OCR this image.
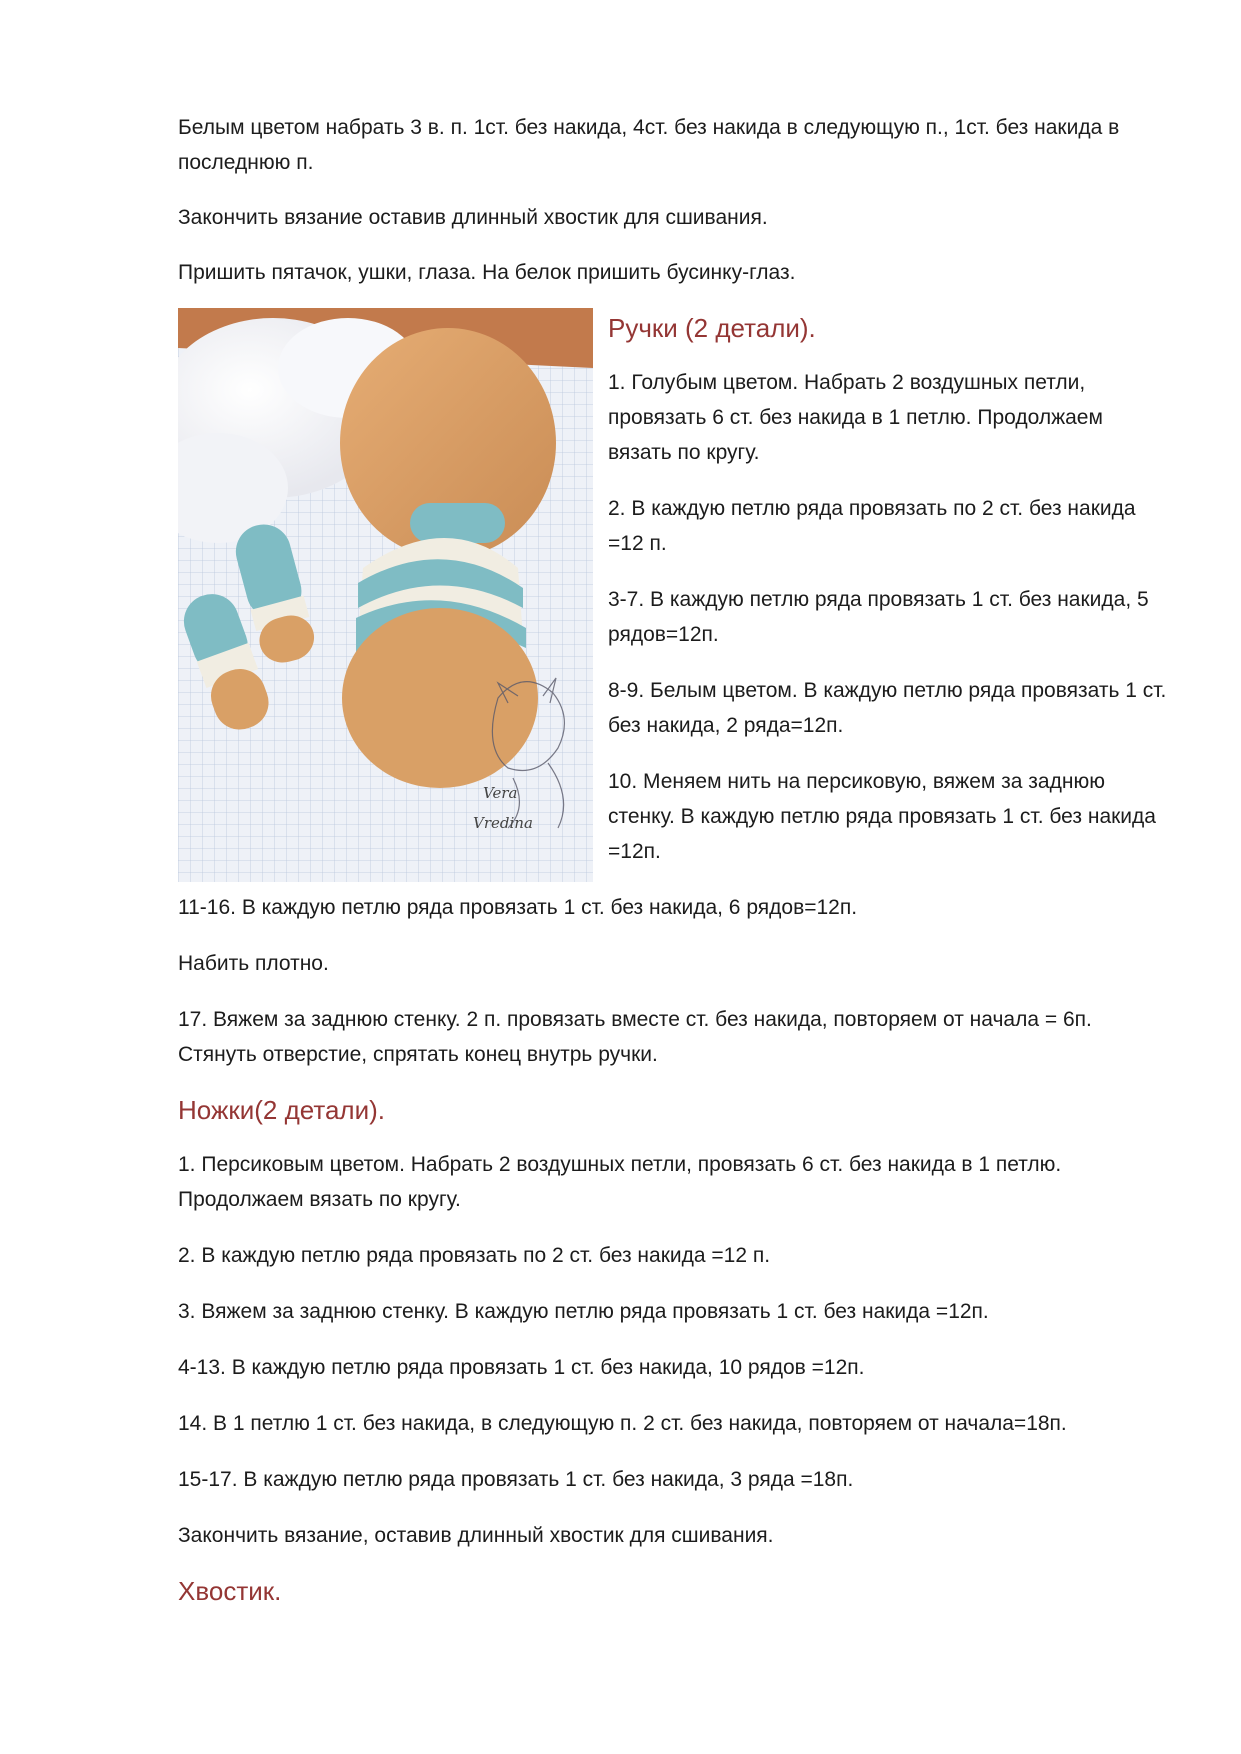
Белым цветом набрать 3 в. п. 1ст. без накида, 4ст. без накида в следующую п., 1ст. без накида в последнюю п.

Закончить вязание оставив длинный хвостик для сшивания.

Пришить пятачок, ушки, глаза. На белок пришить бусинку-глаз.

Vera
Vredina
Ручки (2 детали).

1. Голубым цветом. Набрать 2 воздушных петли, провязать 6 ст. без накида в 1 петлю. Продолжаем вязать по кругу.

2. В каждую петлю ряда провязать по 2 ст. без накида =12 п.

3-7. В каждую петлю ряда провязать 1 ст. без накида, 5 рядов=12п.

8-9. Белым цветом. В каждую петлю ряда провязать 1 ст. без накида, 2 ряда=12п.

10. Меняем нить на персиковую, вяжем за заднюю стенку. В каждую петлю ряда провязать 1 ст. без накида =12п.

11-16. В каждую петлю ряда провязать 1 ст. без накида, 6 рядов=12п.

Набить плотно.

17. Вяжем за заднюю стенку. 2 п. провязать вместе ст. без накида, повторяем от начала = 6п. Стянуть отверстие, спрятать конец внутрь ручки.

Ножки(2 детали).

1. Персиковым цветом. Набрать 2 воздушных петли, провязать 6 ст. без накида в 1 петлю. Продолжаем вязать по кругу.

2. В каждую петлю ряда провязать по 2 ст. без накида =12 п.

3. Вяжем за заднюю стенку. В каждую петлю ряда провязать 1 ст. без накида =12п.

4-13. В каждую петлю ряда провязать 1 ст. без накида, 10 рядов =12п.

14. В 1 петлю 1 ст. без накида, в следующую п. 2 ст. без накида, повторяем от начала=18п.

15-17. В каждую петлю ряда провязать 1 ст. без накида, 3 ряда =18п.

Закончить вязание, оставив длинный хвостик для сшивания.

Хвостик.
